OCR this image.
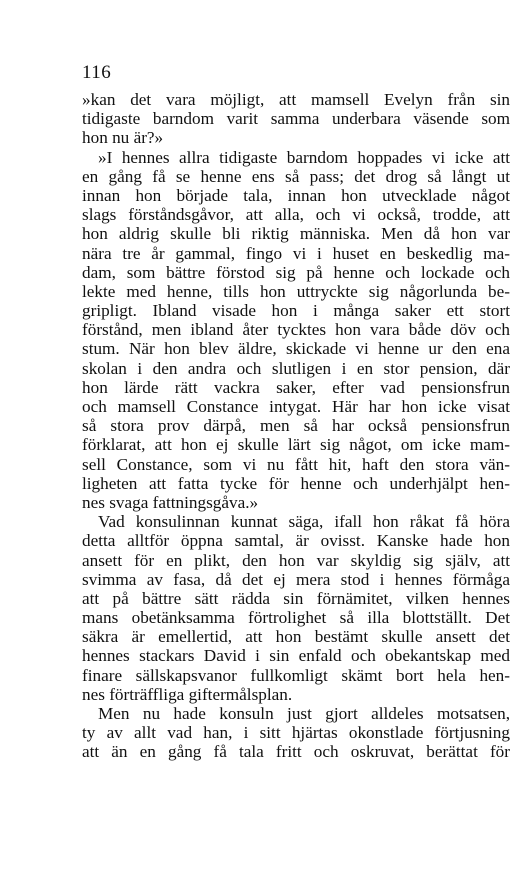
116
»kan det vara möjligt, att mamsell Evelyn från sin
tidigaste barndom varit samma underbara väsende som
hon nu är?»
»I hennes allra tidigaste barndom hoppades vi icke att
en gång få se henne ens så pass; det drog så långt ut
innan hon började tala, innan hon utvecklade något
slags förståndsgåvor, att alla, och vi också, trodde, att
hon aldrig skulle bli riktig människa. Men då hon var
nära tre år gammal, fingo vi i huset en beskedlig ma-
dam, som bättre förstod sig på henne och lockade och
lekte med henne, tills hon uttryckte sig någorlunda be-
gripligt. Ibland visade hon i många saker ett stort
förstånd, men ibland åter tycktes hon vara både döv och
stum. När hon blev äldre, skickade vi henne ur den ena
skolan i den andra och slutligen i en stor pension, där
hon lärde rätt vackra saker, efter vad pensionsfrun
och mamsell Constance intygat. Här har hon icke visat
så stora prov därpå, men så har också pensionsfrun
förklarat, att hon ej skulle lärt sig något, om icke mam-
sell Constance, som vi nu fått hit, haft den stora vän-
ligheten att fatta tycke för henne och underhjälpt hen-
nes svaga fattningsgåva.»
Vad konsulinnan kunnat säga, ifall hon råkat få höra
detta alltför öppna samtal, är ovisst. Kanske hade hon
ansett för en plikt, den hon var skyldig sig själv, att
svimma av fasa, då det ej mera stod i hennes förmåga
att på bättre sätt rädda sin förnämitet, vilken hennes
mans obetänksamma förtrolighet så illa blottställt. Det
säkra är emellertid, att hon bestämt skulle ansett det
hennes stackars David i sin enfald och obekantskap med
finare sällskapsvanor fullkomligt skämt bort hela hen-
nes förträffliga giftermålsplan.
Men nu hade konsuln just gjort alldeles motsatsen,
ty av allt vad han, i sitt hjärtas okonstlade förtjusning
att än en gång få tala fritt och oskruvat, berättat för
